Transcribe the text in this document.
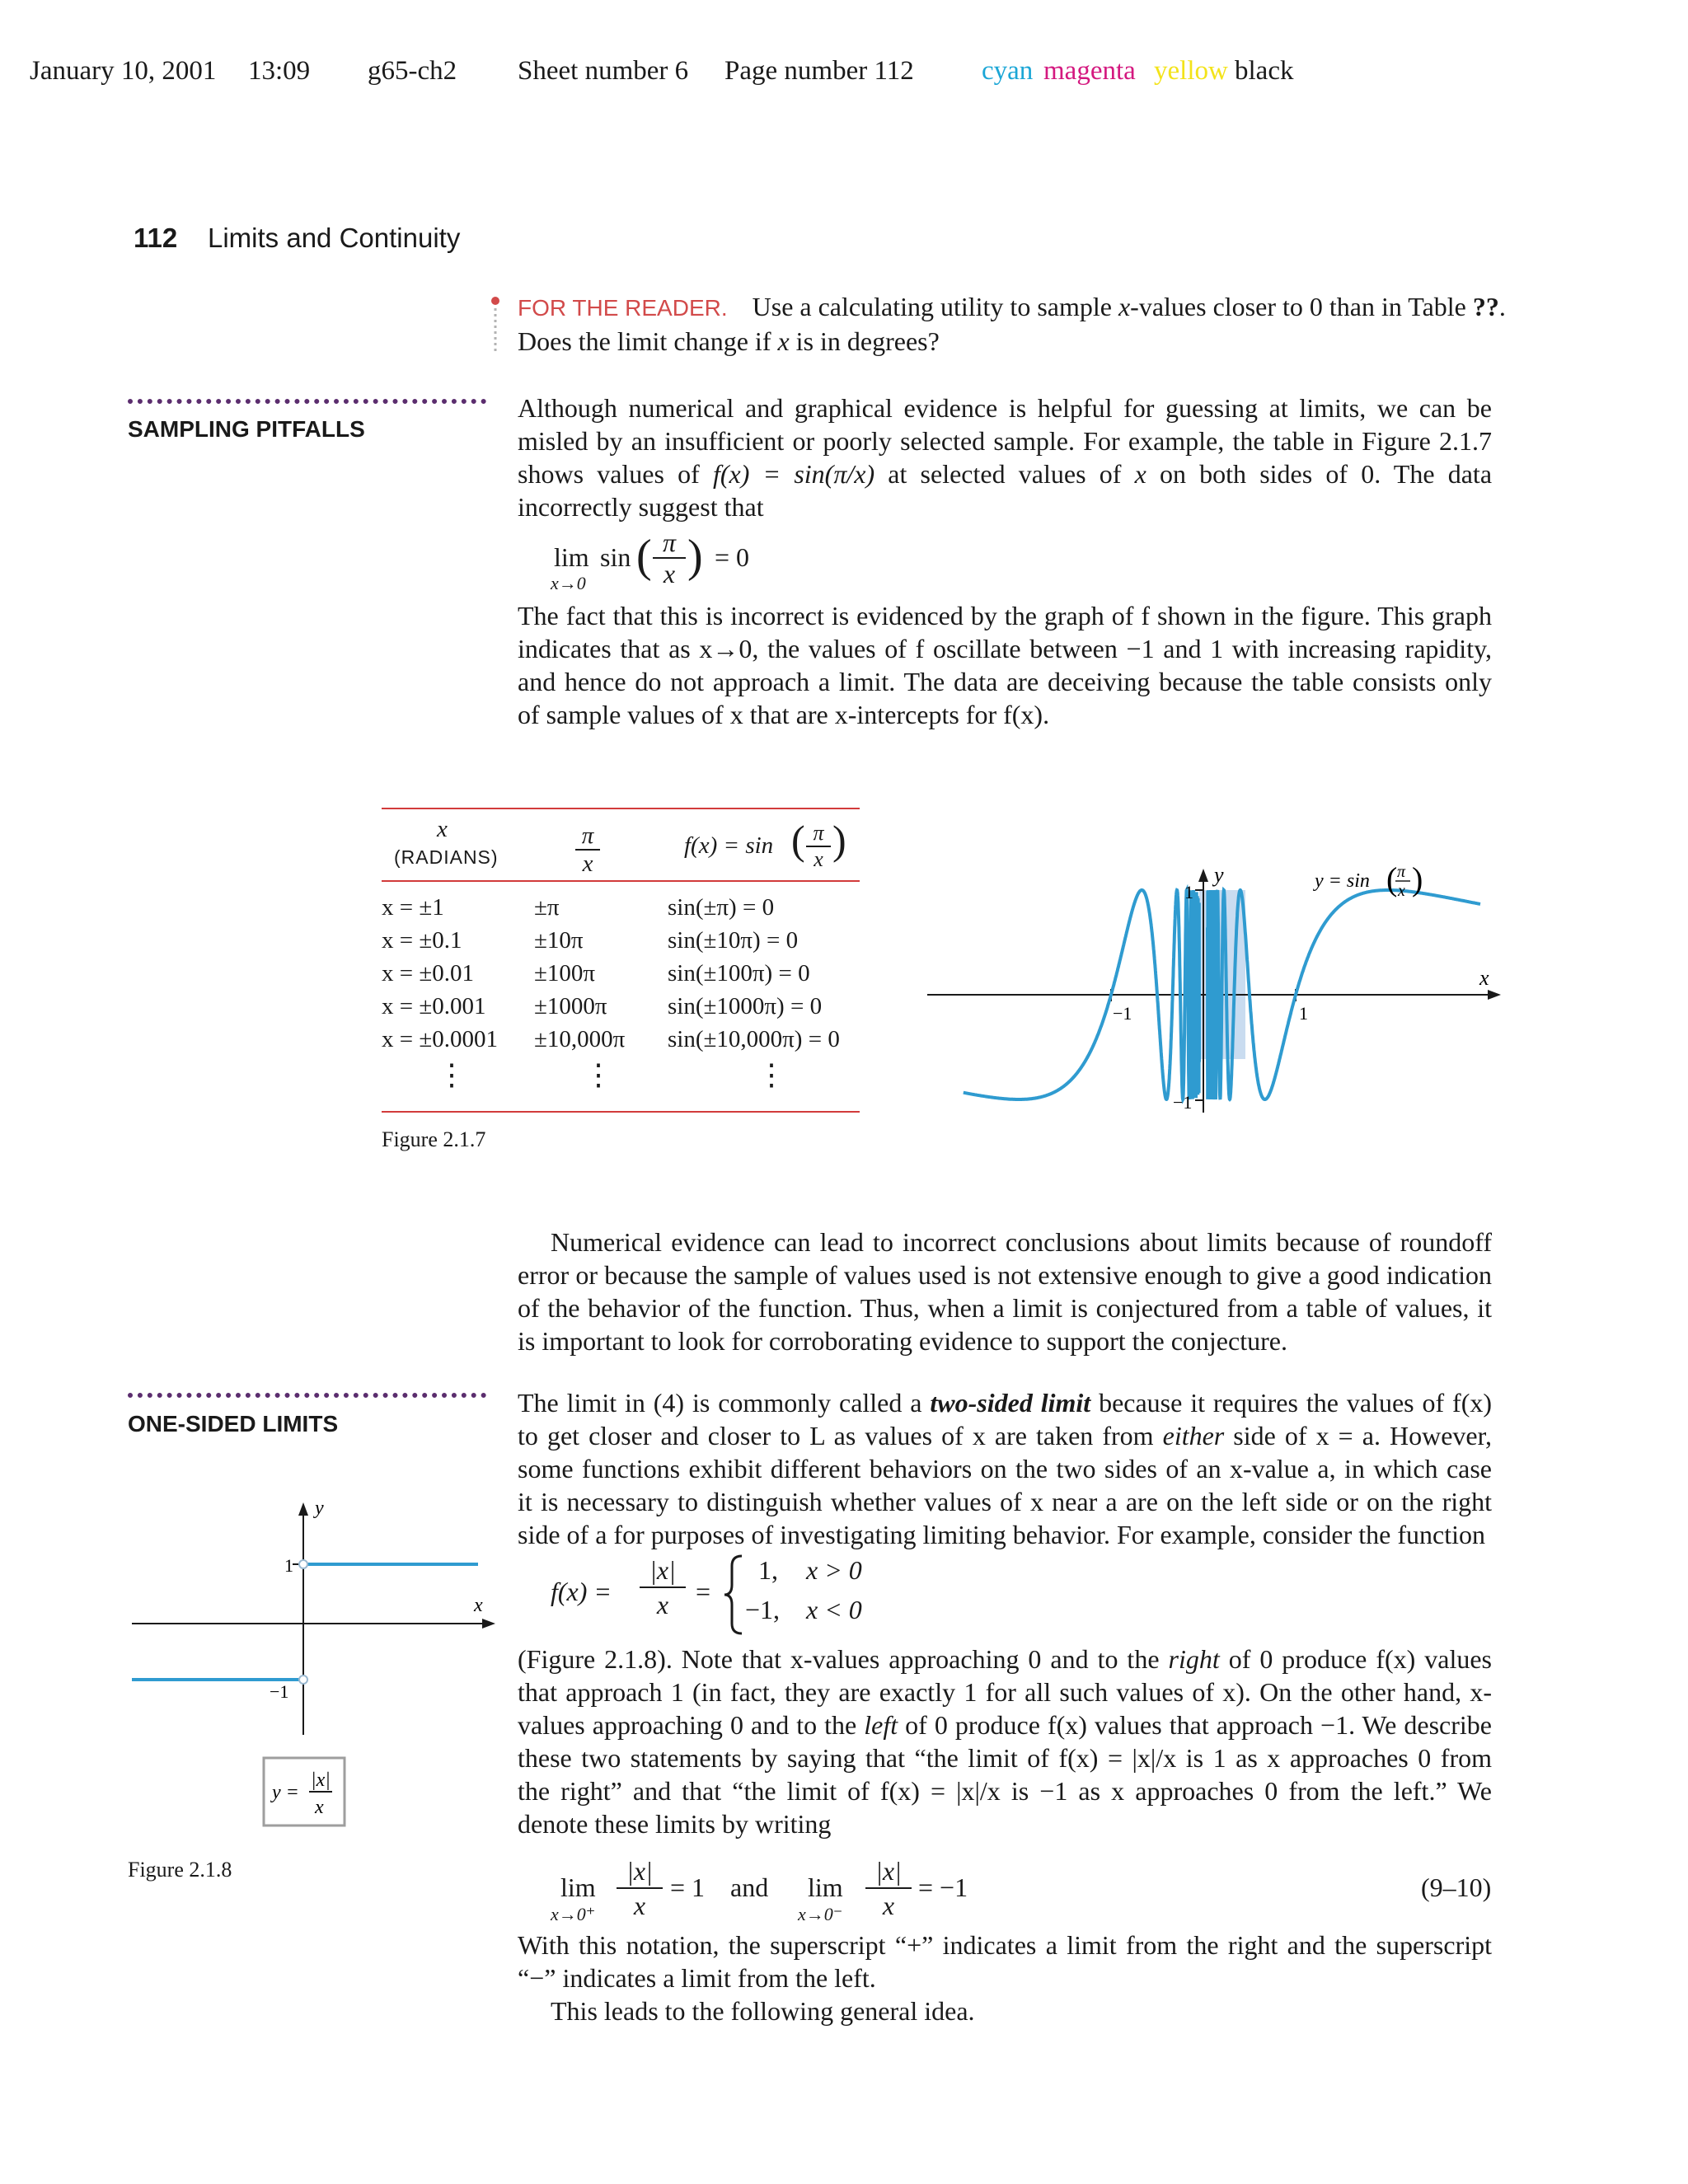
January 10, 2001 13:09 g65-ch2 Sheet number 6 Page number 112 cyan magenta yellow black
112 Limits and Continuity
FOR THE READER. Use a calculating utility to sample x-values closer to 0 than in Table ??.
Does the limit change if x is in degrees?
SAMPLING PITFALLS
Although numerical and graphical evidence is helpful for guessing at limits, we can be
misled by an insufficient or poorly selected sample. For example, the table in Figure 2.1.7
shows values of f(x) = sin(π/x) at selected values of x on both sides of 0. The data
incorrectly suggest that
lim
x→0
sin ( $\frac{\pi}{x}$ ) = 0
The fact that this is incorrect is evidenced by the graph of f shown in the figure. This graph
indicates that as x→0, the values of f oscillate between −1 and 1 with increasing rapidity,
and hence do not approach a limit. The data are deceiving because the table consists only
of sample values of x that are x-intercepts for f(x).
x
(RADIANS)	$\frac{\pi}{x}$	f(x) = sin ( $\frac{\pi}{x}$ )
x = ±1	±π	sin(±π) = 0
x = ±0.1	±10π	sin(±10π) = 0
x = ±0.01	±100π	sin(±100π) = 0
x = ±0.001 ±1000π	sin(±1000π) = 0
x = ±0.0001 ±10,000π sin(±10,000π) = 0
⋮	⋮	⋮
Figure 2.1.7
y
x
1
−1
−1	1
y = sin ( π
x )
Numerical evidence can lead to incorrect conclusions about limits because of roundoff
error or because the sample of values used is not extensive enough to give a good indication
of the behavior of the function. Thus, when a limit is conjectured from a table of values, it
is important to look for corroborating evidence to support the conjecture.
ONE-SIDED LIMITS
The limit in (4) is commonly called a two-sided limit because it requires the values of f(x)
to get closer and closer to L as values of x are taken from either side of x = a. However,
some functions exhibit different behaviors on the two sides of an x-value a, in which case
it is necessary to distinguish whether values of x near a are on the left side or on the right
side of a for purposes of investigating limiting behavior. For example, consider the function
$f(x) = \frac{|x|}{x}$ =
1, x > 0
−1, x < 0
(Figure 2.1.8). Note that x-values approaching 0 and to the right of 0 produce f(x) values
that approach 1 (in fact, they are exactly 1 for all such values of x). On the other hand, x-
values approaching 0 and to the left of 0 produce f(x) values that approach −1. We describe
these two statements by saying that “the limit of f(x) = |x|/x is 1 as x approaches 0 from
the right” and that “the limit of f(x) = |x|/x is −1 as x approaches 0 from the left.” We
denote these limits by writing
lim
$x\to 0^+ \frac{|x|}{x} = 1$ and lim
$x\to 0^- \frac{|x|}{x} = -1$	(9–10)
With this notation, the superscript “+” indicates a limit from the right and the superscript
“−” indicates a limit from the left.
This leads to the following general idea.
y
x
1
−1
y =
|x|
x
Figure 2.1.8
